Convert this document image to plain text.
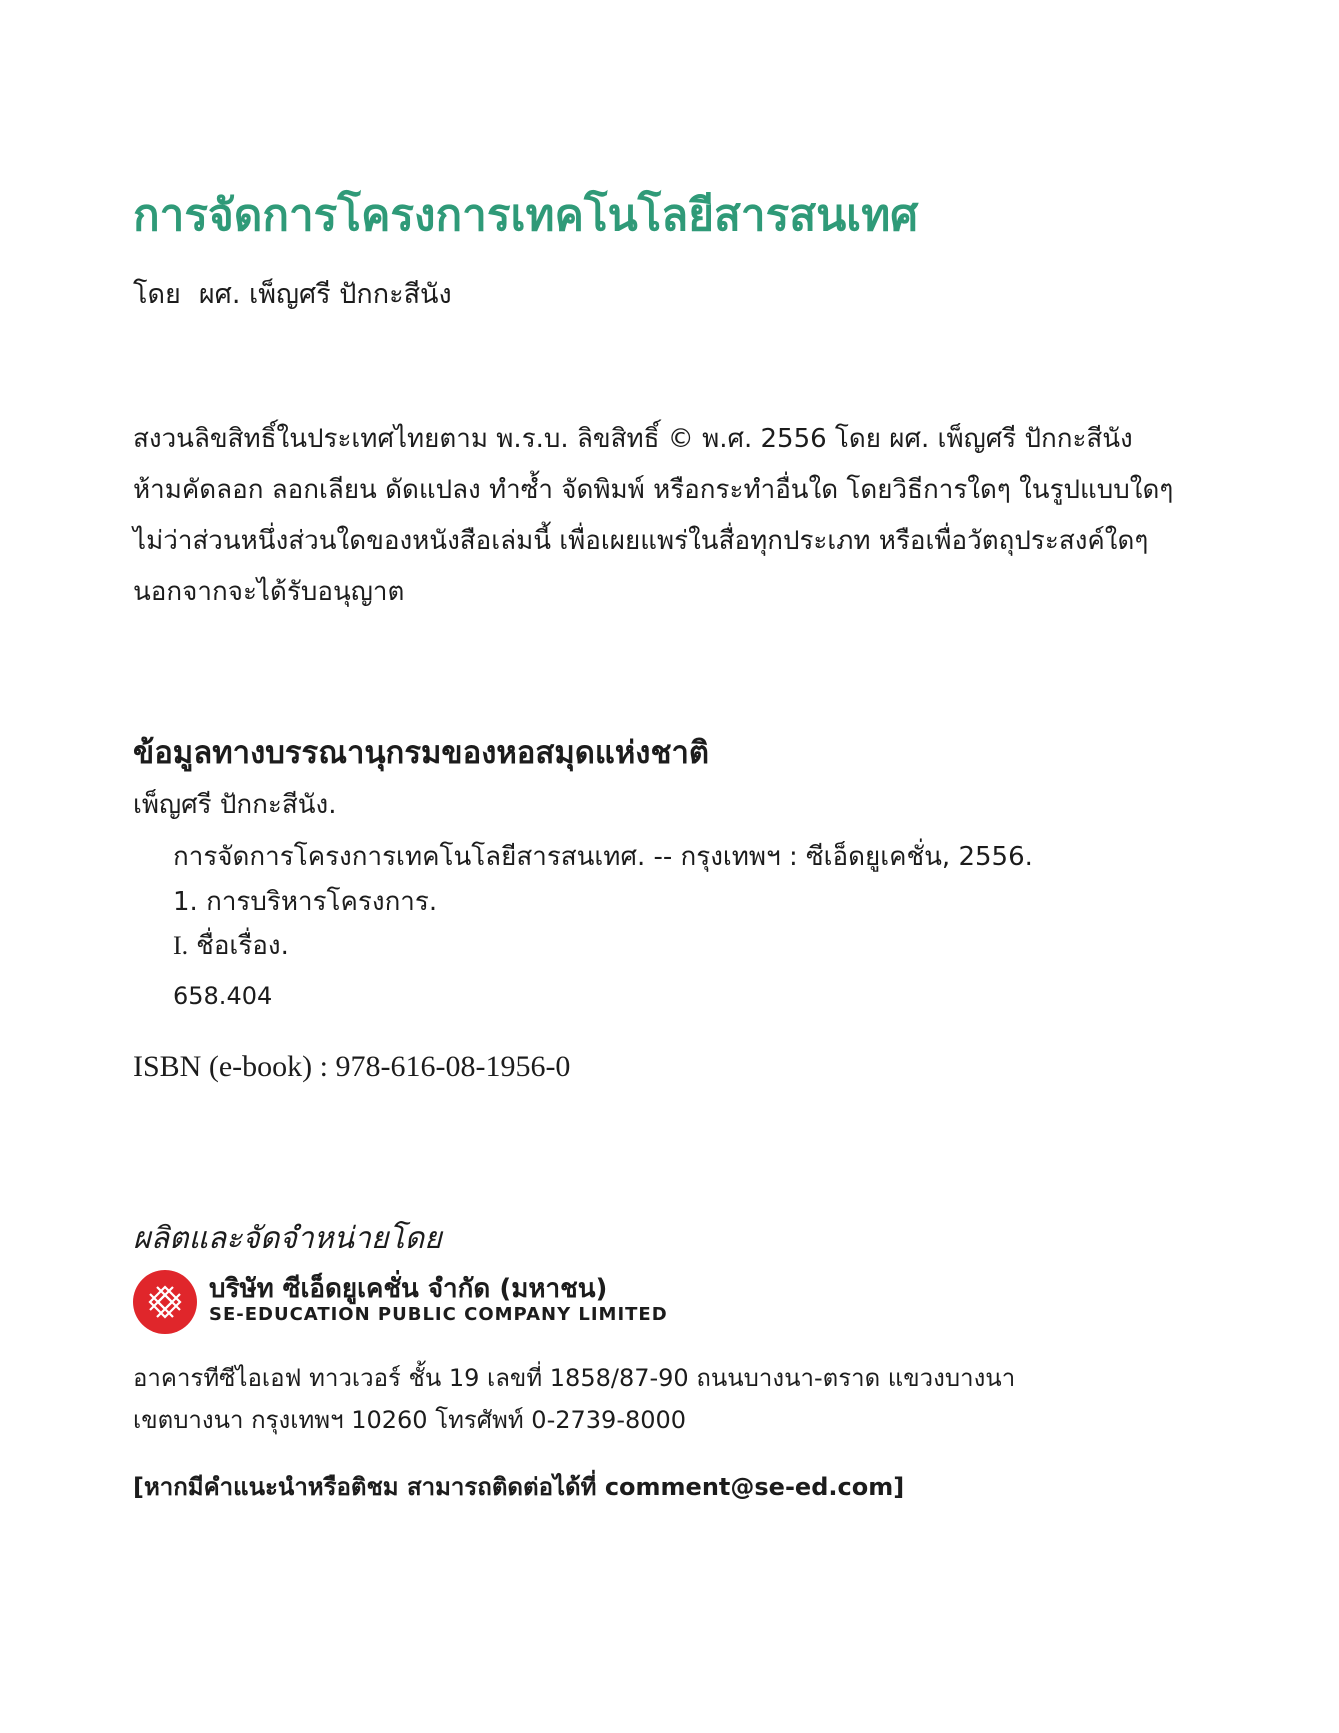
การจัดการโครงการเทคโนโลยีสารสนเทศ
โดย ผศ. เพ็ญศรี ปักกะสีนัง
สงวนลิขสิทธิ์ในประเทศไทยตาม พ.ร.บ. ลิขสิทธิ์ © พ.ศ. 2556 โดย ผศ. เพ็ญศรี ปักกะสีนัง
ห้ามคัดลอก ลอกเลียน ดัดแปลง ทำซ้ำ จัดพิมพ์ หรือกระทำอื่นใด โดยวิธีการใดๆ ในรูปแบบใดๆ
ไม่ว่าส่วนหนึ่งส่วนใดของหนังสือเล่มนี้ เพื่อเผยแพร่ในสื่อทุกประเภท หรือเพื่อวัตถุประสงค์ใดๆ
นอกจากจะได้รับอนุญาต
ข้อมูลทางบรรณานุกรมของหอสมุดแห่งชาติ
เพ็ญศรี ปักกะสีนัง.
การจัดการโครงการเทคโนโลยีสารสนเทศ. -- กรุงเทพฯ : ซีเอ็ดยูเคชั่น, 2556.
1. การบริหารโครงการ.
I. ชื่อเรื่อง.
658.404
ISBN (e-book) : 978-616-08-1956-0
ผลิตและจัดจำหน่ายโดย
บริษัท ซีเอ็ดยูเคชั่น จำกัด (มหาชน)
SE-EDUCATION PUBLIC COMPANY LIMITED
อาคารทีซีไอเอฟ ทาวเวอร์ ชั้น 19 เลขที่ 1858/87-90 ถนนบางนา-ตราด แขวงบางนา
เขตบางนา กรุงเทพฯ 10260 โทรศัพท์ 0-2739-8000
[หากมีคำแนะนำหรือติชม สามารถติดต่อได้ที่ comment@se-ed.com]
